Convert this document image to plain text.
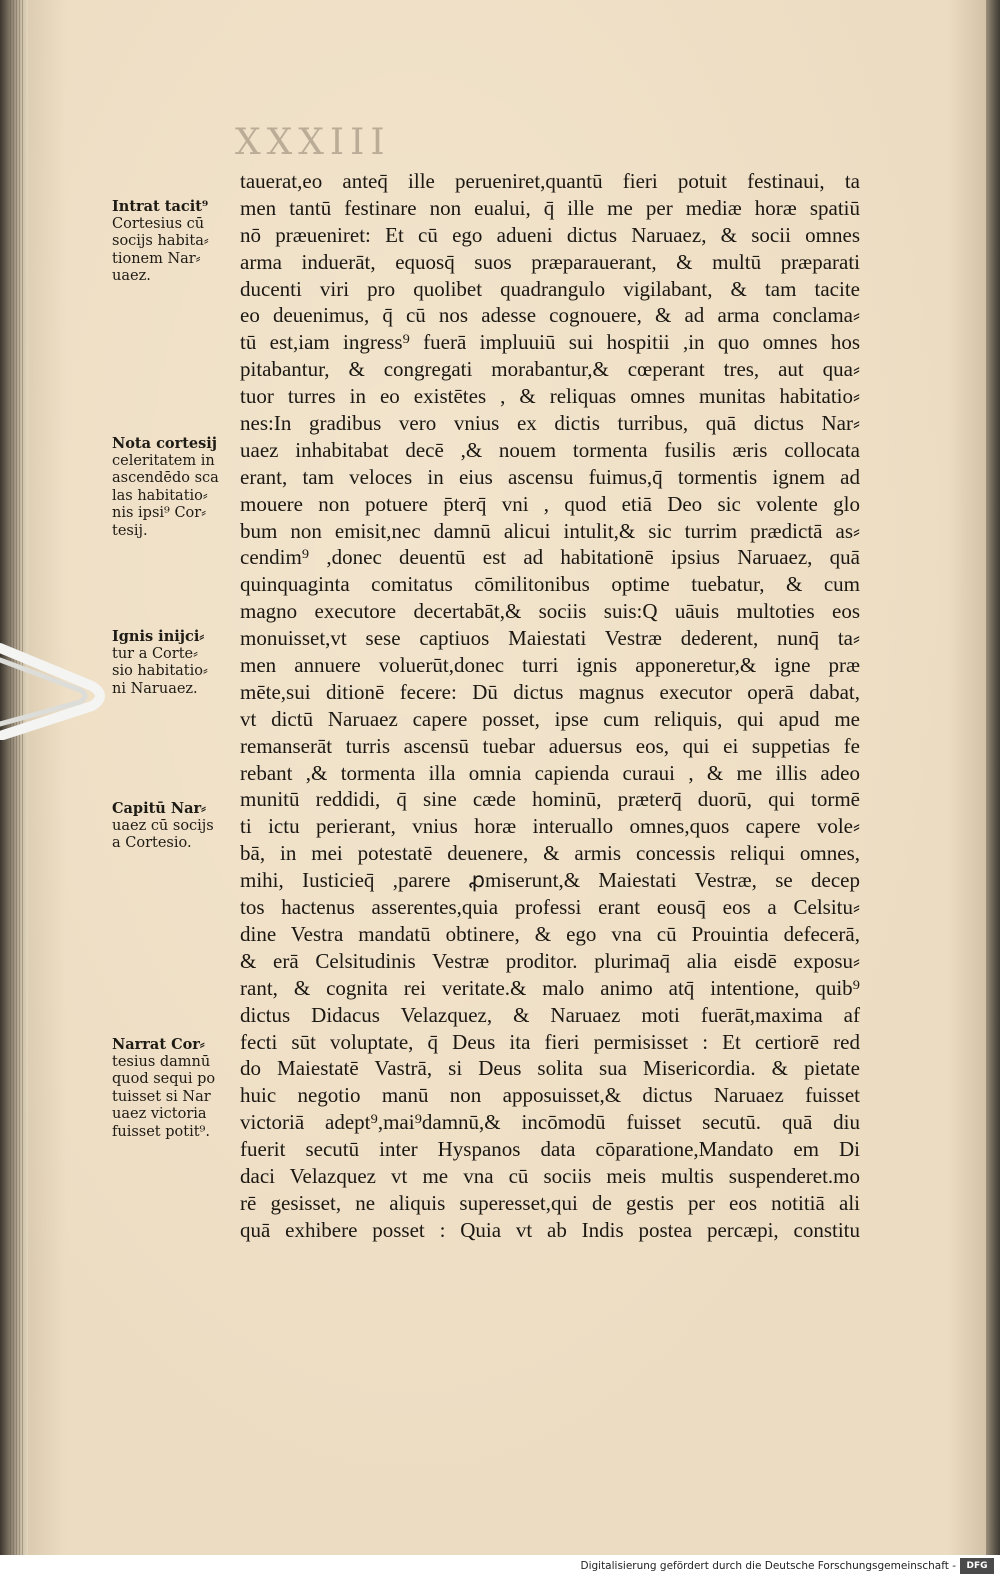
XXXIII
Intrat tacit⁹
Cortesius cū
socijs habita⸗
tionem Nar⸗
uaez.
Nota cortesij
celeritatem in
ascendēdo sca
las habitatio⸗
nis ipsi⁹ Cor⸗
tesij.
Ignis inijci⸗
tur a Corte⸗
sio habitatio⸗
ni Naruaez.
Capitū Nar⸗
uaez cū socijs
a Cortesio.
Narrat Cor⸗
tesius damnū
quod sequi po
tuisset si Nar
uaez victoria
fuisset potit⁹.
tauerat,eo anteq̄ ille perueniret,quantū fieri potuit festinaui, ta
men tantū festinare non eualui, q̄ ille me per mediæ horæ spatiū
nō præueniret: Et cū ego adueni dictus Naruaez, & socii omnes
arma induerāt, equosq̄ suos præparauerant, & multū præparati
ducenti viri pro quolibet quadrangulo vigilabant, & tam tacite
eo deuenimus, q̄ cū nos adesse cognouere, & ad arma conclama⸗
tū est,iam ingress⁹ fuerā impluuiū sui hospitii ,in quo omnes hos
pitabantur, & congregati morabantur,& cœperant tres, aut qua⸗
tuor turres in eo existētes , & reliquas omnes munitas habitatio⸗
nes:In gradibus vero vnius ex dictis turribus, quā dictus Nar⸗
uaez inhabitabat decē ,& nouem tormenta fusilis æris collocata
erant, tam veloces in eius ascensu fuimus,q̄ tormentis ignem ad
mouere non potuere p̄terq̄ vni , quod etiā Deo sic volente glo
bum non emisit,nec damnū alicui intulit,& sic turrim prædictā as⸗
cendim⁹ ,donec deuentū est ad habitationē ipsius Naruaez, quā
quinquaginta comitatus cōmilitonibus optime tuebatur, & cum
magno executore decertabāt,& sociis suis:Q uāuis multoties eos
monuisset,vt sese captiuos Maiestati Vestræ dederent, nunq̄ ta⸗
men annuere voluerūt,donec turri ignis apponeretur,& igne præ
mēte,sui ditionē fecere: Dū dictus magnus executor operā dabat,
vt dictū Naruaez capere posset, ipse cum reliquis, qui apud me
remanserāt turris ascensū tuebar aduersus eos, qui ei suppetias fe
rebant ,& tormenta illa omnia capienda curaui , & me illis adeo
munitū reddidi, q̄ sine cæde hominū, præterq̄ duorū, qui tormē
ti ictu perierant, vnius horæ interuallo omnes,quos capere vole⸗
bā, in mei potestatē deuenere, & armis concessis reliqui omnes,
mihi, Iusticieq̄ ,parere ꝓmiserunt,& Maiestati Vestræ, se decep
tos hactenus asserentes,quia professi erant eousq̄ eos a Celsitu⸗
dine Vestra mandatū obtinere, & ego vna cū Prouintia defecerā,
& erā Celsitudinis Vestræ proditor. plurimaq̄ alia eisdē exposu⸗
rant, & cognita rei veritate.& malo animo atq̄ intentione, quib⁹
dictus Didacus Velazquez, & Naruaez moti fuerāt,maxima af
fecti sūt voluptate, q̄ Deus ita fieri permisisset : Et certiorē red
do Maiestatē Vastrā, si Deus solita sua Misericordia. & pietate
huic negotio manū non apposuisset,& dictus Naruaez fuisset
victoriā adept⁹,mai⁹damnū,& incōmodū fuisset secutū. quā diu
fuerit secutū inter Hyspanos data cōparatione,Mandato em Di
daci Velazquez vt me vna cū sociis meis multis suspenderet.mo
rē gesisset, ne aliquis superesset,qui de gestis per eos notitiā ali
quā exhibere posset : Quia vt ab Indis postea percæpi, constitu
Digitalisierung gefördert durch die Deutsche Forschungsgemeinschaft -	DFG
